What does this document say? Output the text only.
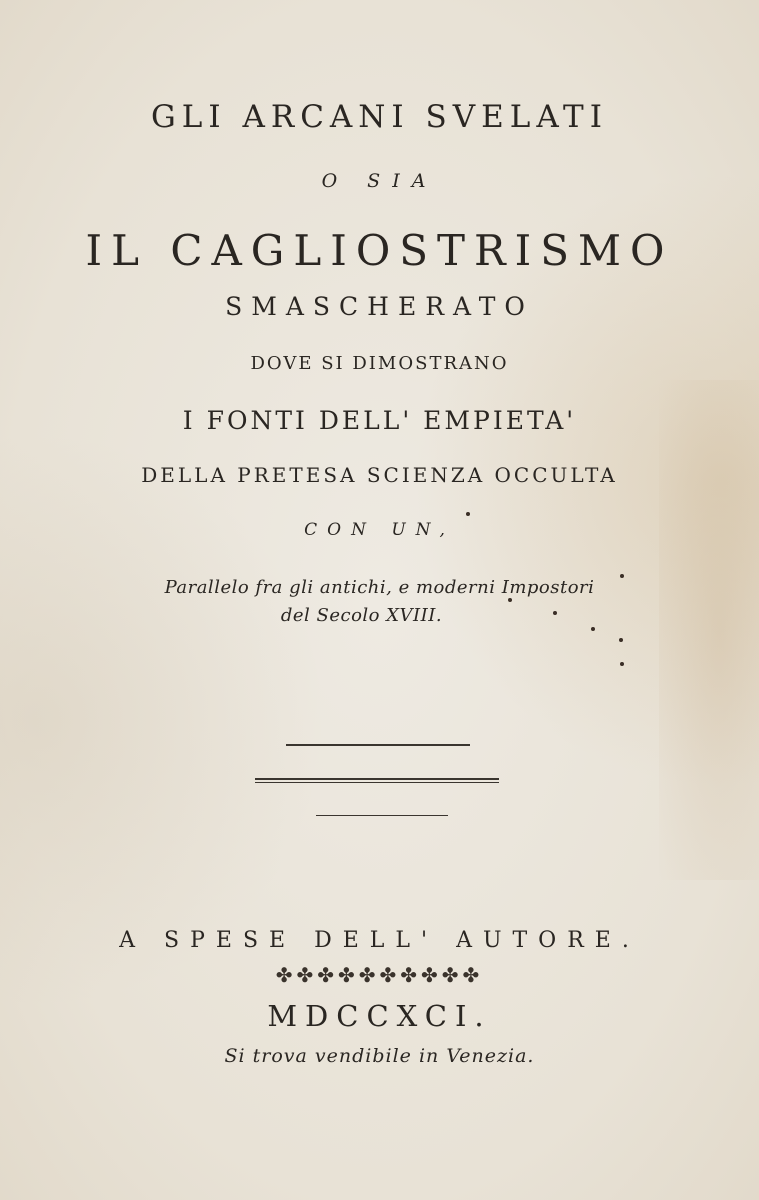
GLI ARCANI SVELATI
O SIA
IL CAGLIOSTRISMO
SMASCHERATO
DOVE SI DIMOSTRANO
I FONTI DELL' EMPIETA'
DELLA PRETESA SCIENZA OCCULTA
CON UN,
Parallelo fra gli antichi, e moderni Impostori
del Secolo XVIII.
A SPESE DELL' AUTORE.
✤✤✤✤✤✤✤✤✤✤
MDCCXCI.
Si trova vendibile in Venezia.
